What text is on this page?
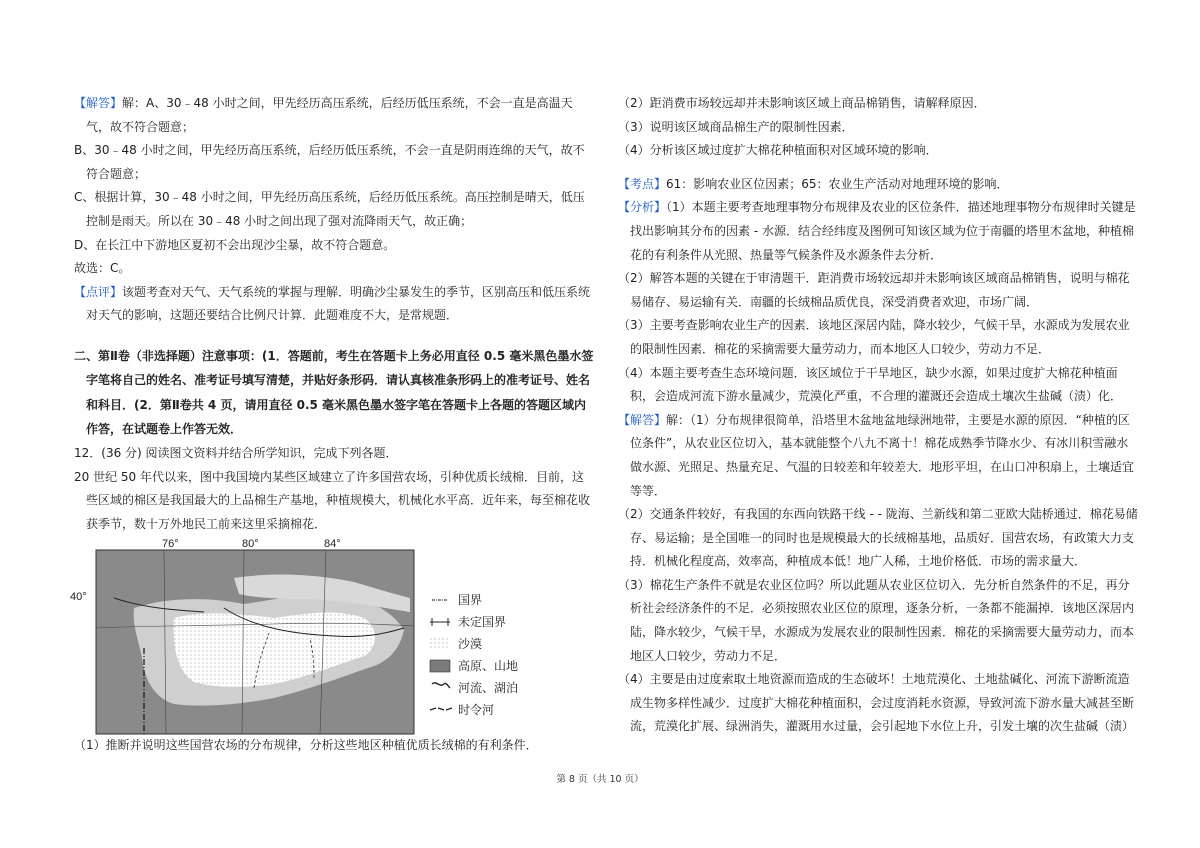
【解答】解：A、30﹣48 小时之间，甲先经历高压系统，后经历低压系统，不会一直是高温天气，故不符合题意；

B、30﹣48 小时之间，甲先经历高压系统，后经历低压系统，不会一直是阴雨连绵的天气，故不符合题意；

C、根据计算，30﹣48 小时之间，甲先经历高压系统，后经历低压系统。高压控制是晴天，低压控制是雨天。所以在 30﹣48 小时之间出现了强对流降雨天气，故正确；

D、在长江中下游地区夏初不会出现沙尘暴，故不符合题意。

故选：C。

【点评】该题考查对天气、天气系统的掌握与理解．明确沙尘暴发生的季节，区别高压和低压系统对天气的影响，这题还要结合比例尺计算．此题难度不大，是常规题．

二、第Ⅱ卷（非选择题）注意事项：(1．答题前，考生在答题卡上务必用直径 0.5 毫米黑色墨水签字笔将自己的姓名、准考证号填写清楚，并贴好条形码．请认真核准条形码上的准考证号、姓名和科目．(2．第Ⅱ卷共 4 页，请用直径 0.5 毫米黑色墨水签字笔在答题卡上各题的答题区域内作答，在试题卷上作答无效．

12．(36 分) 阅读图文资料并结合所学知识，完成下列各题．

20 世纪 50 年代以来，图中我国境内某些区域建立了许多国营农场，引种优质长绒棉．目前，这些区域的棉区是我国最大的上品棉生产基地，种植规模大，机械化水平高．近年来，每至棉花收获季节，数十万外地民工前来这里采摘棉花．

76°	80°	84°
40°	国界
未定国界
沙漠
高原、山地
河流、湖泊
时令河

（1）推断并说明这些国营农场的分布规律，分析这些地区种植优质长绒棉的有利条件．

（2）距消费市场较远却并未影响该区域上商品棉销售，请解释原因．

（3）说明该区域商品棉生产的限制性因素．

（4）分析该区域过度扩大棉花种植面积对区域环境的影响．

【考点】61：影响农业区位因素；65：农业生产活动对地理环境的影响．

【分析】（1）本题主要考查地理事物分布规律及农业的区位条件．描述地理事物分布规律时关键是找出影响其分布的因素 - 水源．结合经纬度及图例可知该区域为位于南疆的塔里木盆地，种植棉花的有利条件从光照、热量等气候条件及水源条件去分析．

（2）解答本题的关键在于审清题干．距消费市场较远却并未影响该区域商品棉销售，说明与棉花易储存、易运输有关．南疆的长绒棉品质优良，深受消费者欢迎，市场广阔．

（3）主要考查影响农业生产的因素．该地区深居内陆，降水较少，气候干旱，水源成为发展农业的限制性因素．棉花的采摘需要大量劳动力，而本地区人口较少，劳动力不足．

（4）本题主要考查生态环境问题．该区域位于干旱地区，缺少水源，如果过度扩大棉花种植面积，会造成河流下游水量减少，荒漠化严重，不合理的灌溉还会造成土壤次生盐碱（渍）化．

【解答】解：（1）分布规律很简单，沿塔里木盆地盆地绿洲地带，主要是水源的原因．“种植的区位条件”，从农业区位切入，基本就能整个八九不离十！棉花成熟季节降水少、有冰川积雪融水做水源、光照足、热量充足、气温的日较差和年较差大．地形平坦，在山口冲积扇上，土壤适宜等等．

（2）交通条件较好，有我国的东西向铁路干线 - - 陇海、兰新线和第二亚欧大陆桥通过．棉花易储存、易运输；是全国唯一的同时也是规模最大的长绒棉基地，品质好．国营农场，有政策大力支持．机械化程度高，效率高，种植成本低！地广人稀，土地价格低．市场的需求量大．

（3）棉花生产条件不就是农业区位吗？所以此题从农业区位切入．先分析自然条件的不足，再分析社会经济条件的不足．必须按照农业区位的原理，逐条分析，一条都不能漏掉．该地区深居内陆，降水较少，气候干旱，水源成为发展农业的限制性因素．棉花的采摘需要大量劳动力，而本地区人口较少，劳动力不足．

（4）主要是由过度索取土地资源而造成的生态破坏！土地荒漠化、土地盐碱化、河流下游断流造成生物多样性减少．过度扩大棉花种植面积，会过度消耗水资源，导致河流下游水量大减甚至断流，荒漠化扩展、绿洲消失，灌溉用水过量，会引起地下水位上升，引发土壤的次生盐碱（渍）

第 8 页（共 10 页）
